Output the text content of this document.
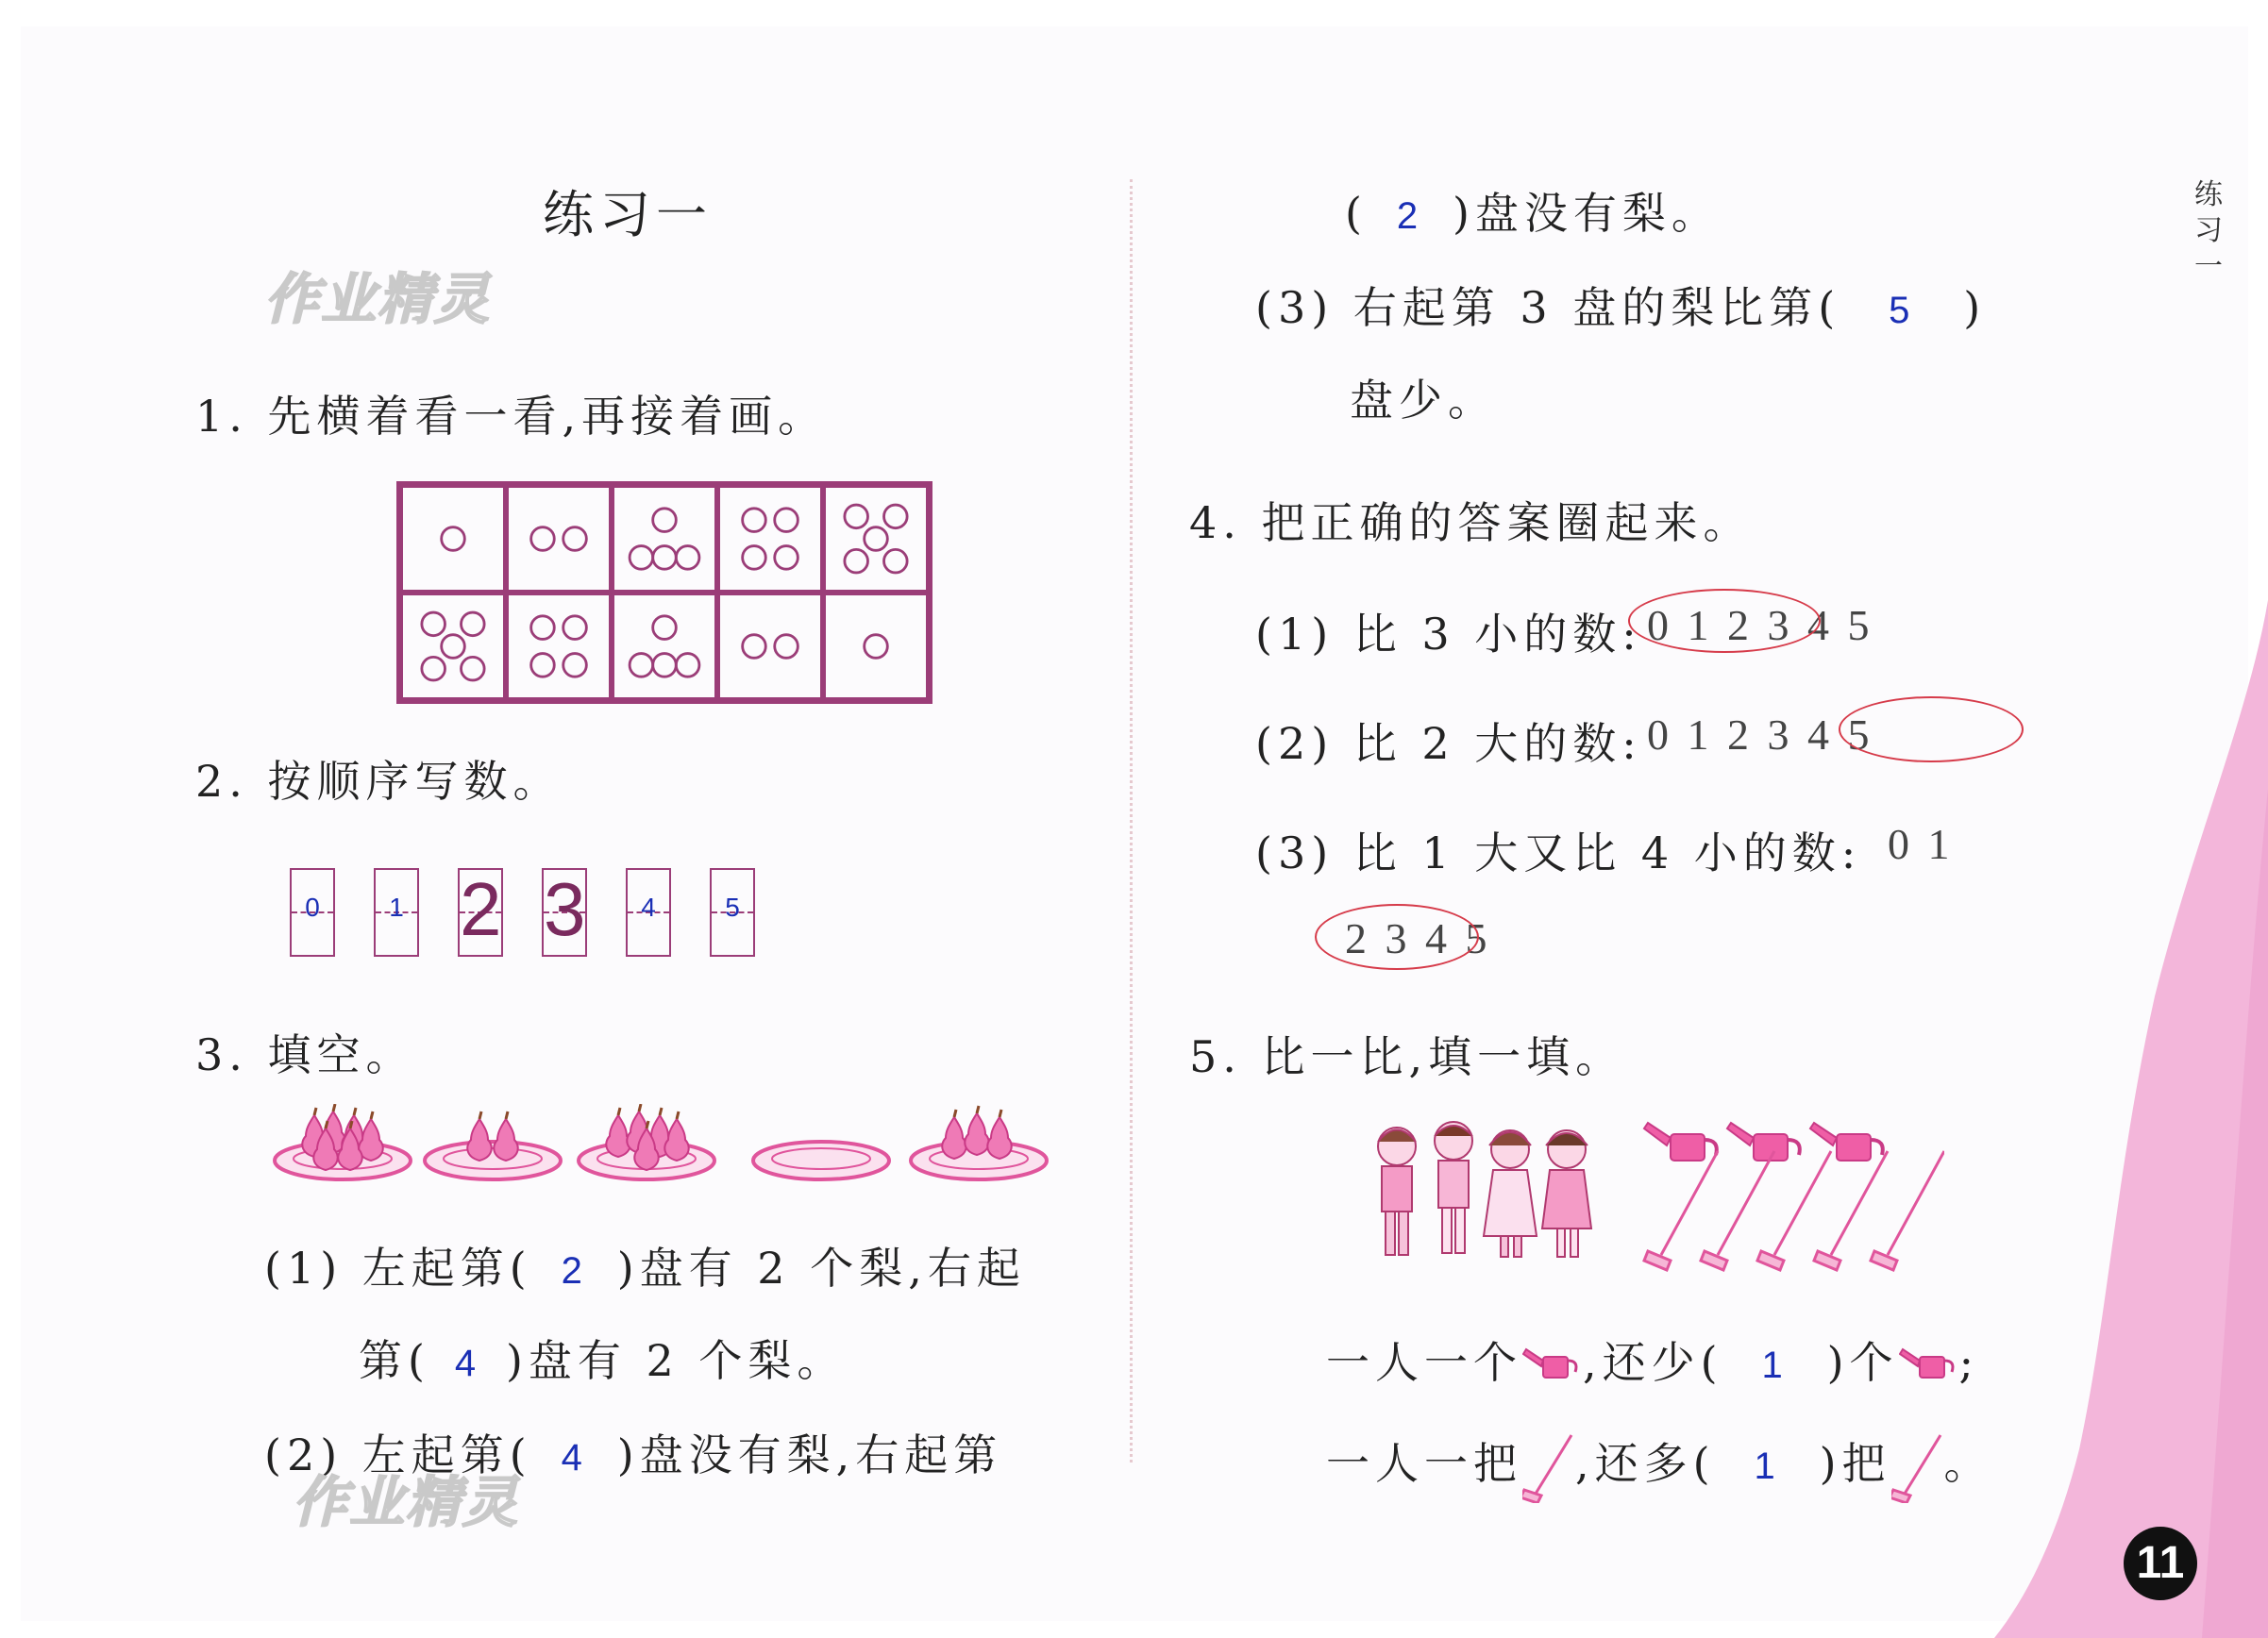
练 习 一
练习一
作业精灵
1. 先横着看一看,再接着画。
2. 按顺序写数。
0	1 2 3	4	5
3. 填空。
(1) 左起第( 2 )盘有 2 个梨,右起
第( 4 )盘有 2 个梨。
(2) 左起第( 4 )盘没有梨,右起第
作业精灵
( 2 )盘没有梨。
(3) 右起第 3 盘的梨比第( 5 )
盘少。
4. 把正确的答案圈起来。
(1) 比 3 小的数: 0 1 2 3 4 5
(2) 比 2 大的数: 0 1 2 3 4 5
(3) 比 1 大又比 4 小的数: 0 1
2 3 4 5
5. 比一比,填一填。
一人一个 ,还少( 1 )个 ;
一人一把 ,还多( 1 )把 。
11
